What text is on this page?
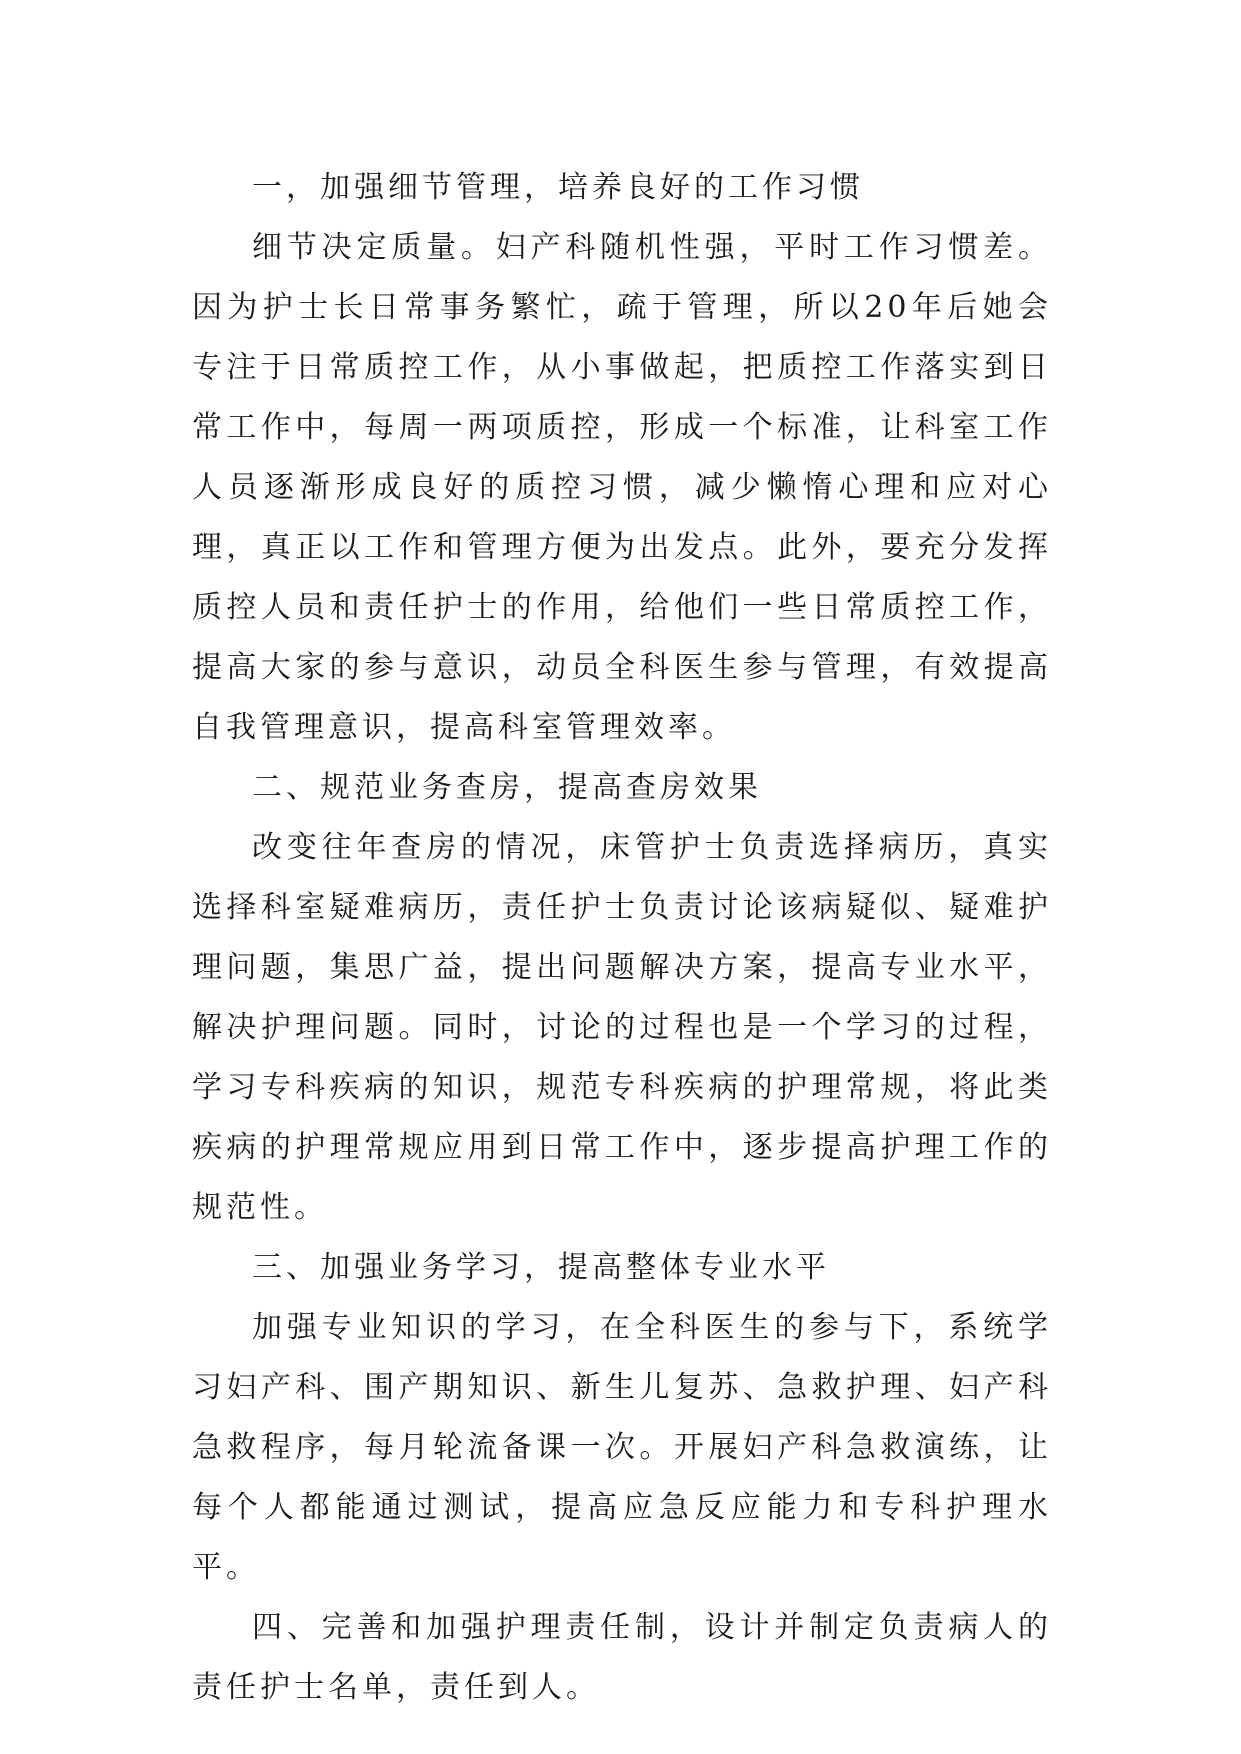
一，加强细节管理，培养良好的工作习惯

细节决定质量。妇产科随机性强，平时工作习惯差。因为护士长日常事务繁忙，疏于管理，所以20年后她会专注于日常质控工作，从小事做起，把质控工作落实到日常工作中，每周一两项质控，形成一个标准，让科室工作人员逐渐形成良好的质控习惯，减少懒惰心理和应对心理，真正以工作和管理方便为出发点。此外，要充分发挥质控人员和责任护士的作用，给他们一些日常质控工作，提高大家的参与意识，动员全科医生参与管理，有效提高自我管理意识，提高科室管理效率。

二、规范业务查房，提高查房效果

改变往年查房的情况，床管护士负责选择病历，真实选择科室疑难病历，责任护士负责讨论该病疑似、疑难护理问题，集思广益，提出问题解决方案，提高专业水平，解决护理问题。同时，讨论的过程也是一个学习的过程，学习专科疾病的知识，规范专科疾病的护理常规，将此类疾病的护理常规应用到日常工作中，逐步提高护理工作的规范性。

三、加强业务学习，提高整体专业水平

加强专业知识的学习，在全科医生的参与下，系统学习妇产科、围产期知识、新生儿复苏、急救护理、妇产科急救程序，每月轮流备课一次。开展妇产科急救演练，让每个人都能通过测试，提高应急反应能力和专科护理水平。

四、完善和加强护理责任制，设计并制定负责病人的责任护士名单，责任到人。
